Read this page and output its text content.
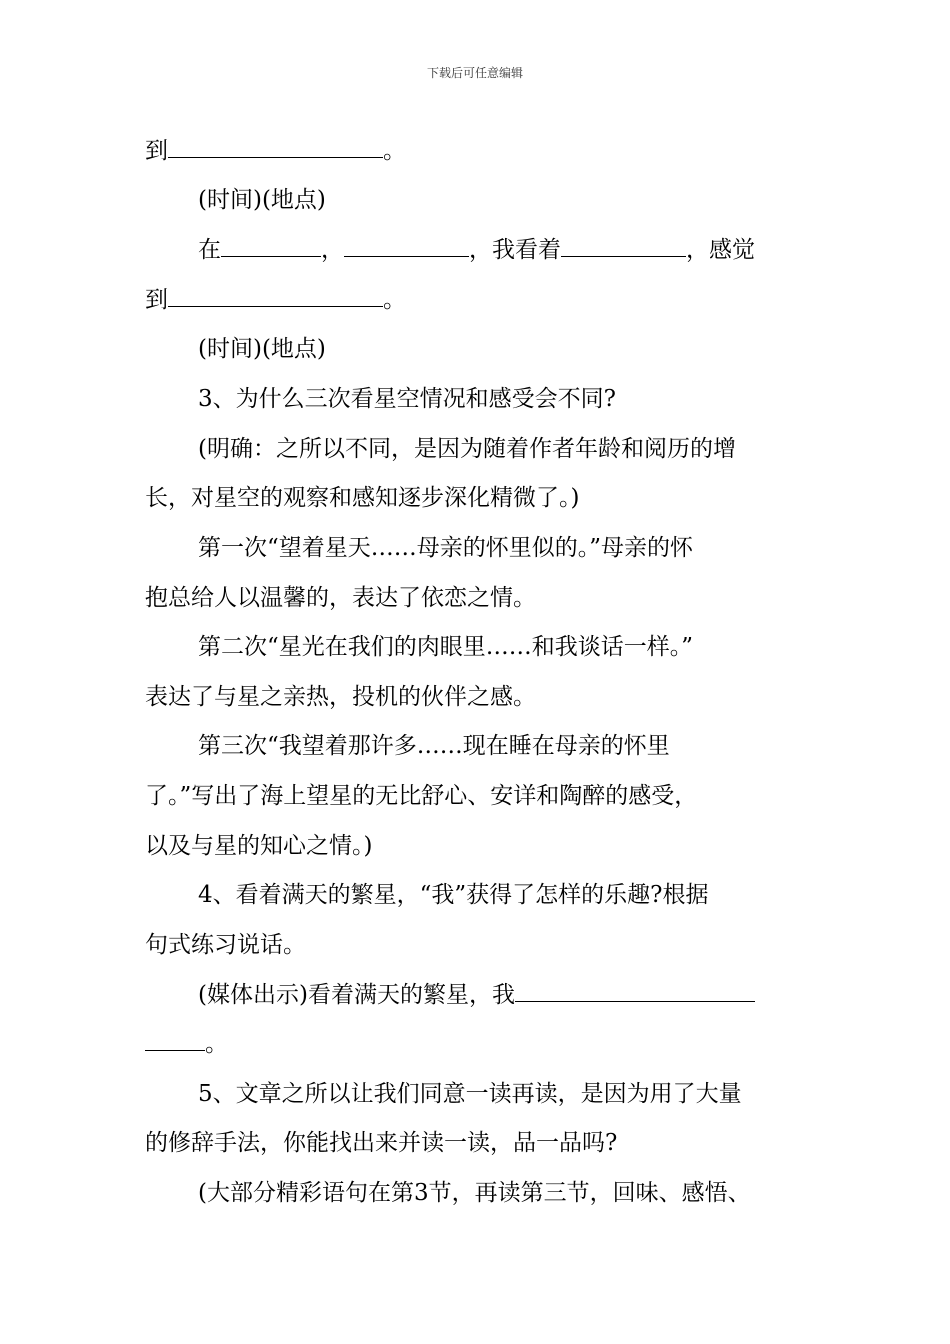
下载后可任意编辑
到	。
(时间)(地点)
在	，	，我看着	，感觉
到	。
(时间)(地点)
3、为什么三次看星空情况和感受会不同?
(明确：之所以不同，是因为随着作者年龄和阅历的增
长，对星空的观察和感知逐步深化精微了。)
第一次“望着星天……母亲的怀里似的。”母亲的怀
抱总给人以温馨的，表达了依恋之情。
第二次“星光在我们的肉眼里……和我谈话一样。”
表达了与星之亲热，投机的伙伴之感。
第三次“我望着那许多……现在睡在母亲的怀里
了。”写出了海上望星的无比舒心、安详和陶醉的感受，
以及与星的知心之情。)
4、看着满天的繁星，“我”获得了怎样的乐趣?根据
句式练习说话。
(媒体出示)看着满天的繁星，我
。
5、文章之所以让我们同意一读再读，是因为用了大量
的修辞手法，你能找出来并读一读，品一品吗?
(大部分精彩语句在第3节，再读第三节，回味、感悟、
